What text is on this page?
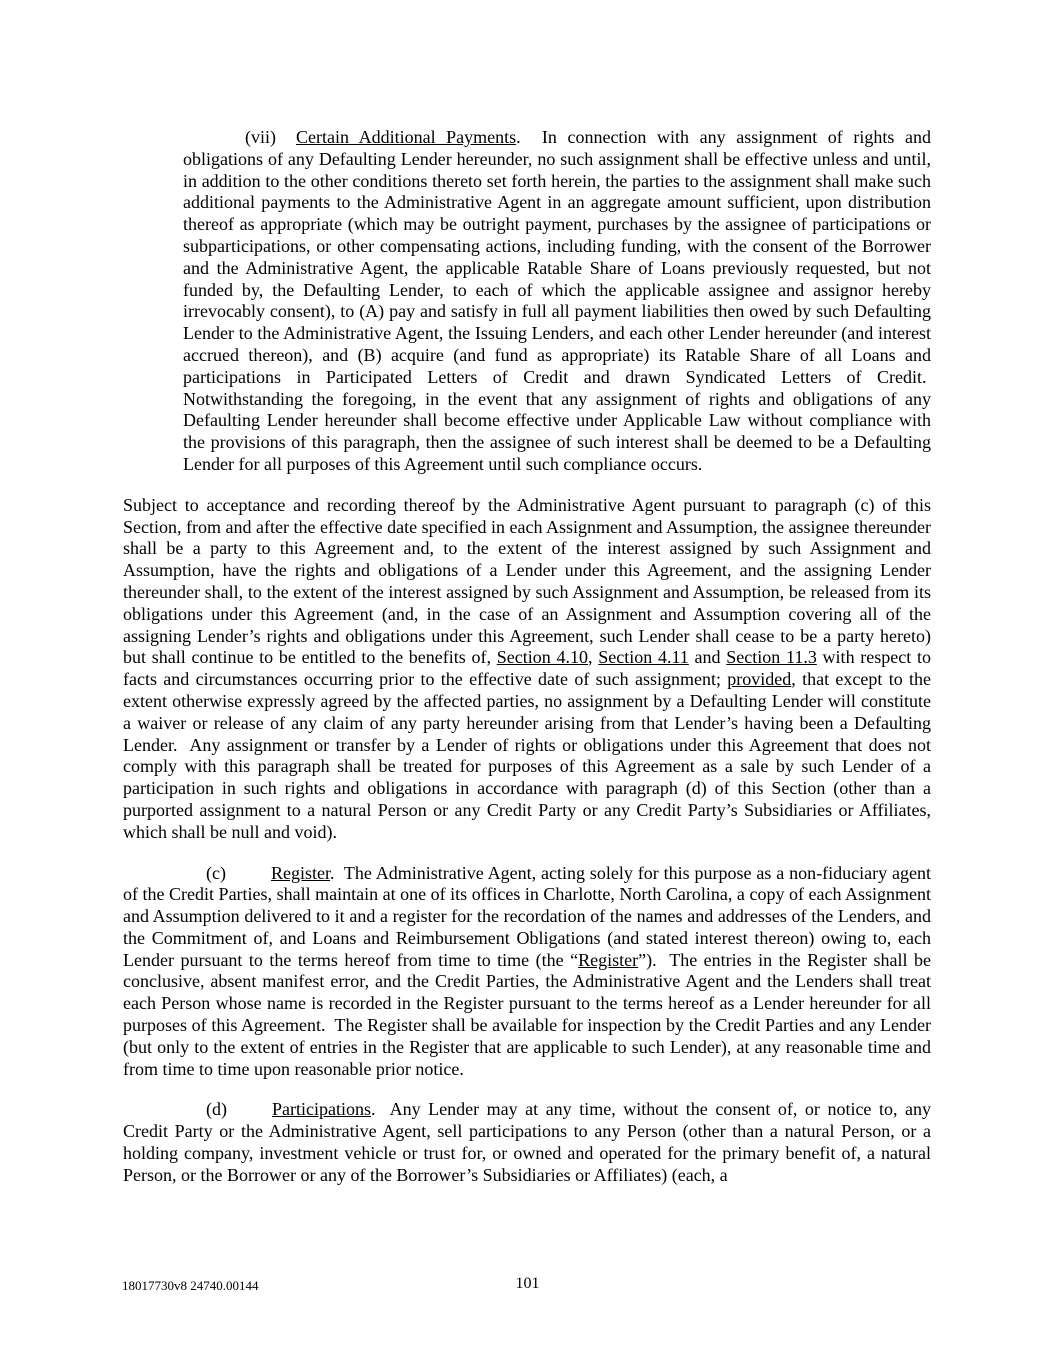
(vii) Certain Additional Payments.  In connection with any assignment of rights and obligations of any Defaulting Lender hereunder, no such assignment shall be effective unless and until, in addition to the other conditions thereto set forth herein, the parties to the assignment shall make such additional payments to the Administrative Agent in an aggregate amount sufficient, upon distribution thereof as appropriate (which may be outright payment, purchases by the assignee of participations or subparticipations, or other compensating actions, including funding, with the consent of the Borrower and the Administrative Agent, the applicable Ratable Share of Loans previously requested, but not funded by, the Defaulting Lender, to each of which the applicable assignee and assignor hereby irrevocably consent), to (A) pay and satisfy in full all payment liabilities then owed by such Defaulting Lender to the Administrative Agent, the Issuing Lenders, and each other Lender hereunder (and interest accrued thereon), and (B) acquire (and fund as appropriate) its Ratable Share of all Loans and participations in Participated Letters of Credit and drawn Syndicated Letters of Credit.  Notwithstanding the foregoing, in the event that any assignment of rights and obligations of any Defaulting Lender hereunder shall become effective under Applicable Law without compliance with the provisions of this paragraph, then the assignee of such interest shall be deemed to be a Defaulting Lender for all purposes of this Agreement until such compliance occurs.

Subject to acceptance and recording thereof by the Administrative Agent pursuant to paragraph (c) of this Section, from and after the effective date specified in each Assignment and Assumption, the assignee thereunder shall be a party to this Agreement and, to the extent of the interest assigned by such Assignment and Assumption, have the rights and obligations of a Lender under this Agreement, and the assigning Lender thereunder shall, to the extent of the interest assigned by such Assignment and Assumption, be released from its obligations under this Agreement (and, in the case of an Assignment and Assumption covering all of the assigning Lender’s rights and obligations under this Agreement, such Lender shall cease to be a party hereto) but shall continue to be entitled to the benefits of, Section 4.10, Section 4.11 and Section 11.3 with respect to facts and circumstances occurring prior to the effective date of such assignment; provided, that except to the extent otherwise expressly agreed by the affected parties, no assignment by a Defaulting Lender will constitute a waiver or release of any claim of any party hereunder arising from that Lender’s having been a Defaulting Lender.  Any assignment or transfer by a Lender of rights or obligations under this Agreement that does not comply with this paragraph shall be treated for purposes of this Agreement as a sale by such Lender of a participation in such rights and obligations in accordance with paragraph (d) of this Section (other than a purported assignment to a natural Person or any Credit Party or any Credit Party’s Subsidiaries or Affiliates, which shall be null and void).

(c)	Register.  The Administrative Agent, acting solely for this purpose as a non-fiduciary agent of the Credit Parties, shall maintain at one of its offices in Charlotte, North Carolina, a copy of each Assignment and Assumption delivered to it and a register for the recordation of the names and addresses of the Lenders, and the Commitment of, and Loans and Reimbursement Obligations (and stated interest thereon) owing to, each Lender pursuant to the terms hereof from time to time (the “Register”).  The entries in the Register shall be conclusive, absent manifest error, and the Credit Parties, the Administrative Agent and the Lenders shall treat each Person whose name is recorded in the Register pursuant to the terms hereof as a Lender hereunder for all purposes of this Agreement.  The Register shall be available for inspection by the Credit Parties and any Lender (but only to the extent of entries in the Register that are applicable to such Lender), at any reasonable time and from time to time upon reasonable prior notice.

(d)	Participations.  Any Lender may at any time, without the consent of, or notice to, any Credit Party or the Administrative Agent, sell participations to any Person (other than a natural Person, or a holding company, investment vehicle or trust for, or owned and operated for the primary benefit of, a natural Person, or the Borrower or any of the Borrower’s Subsidiaries or Affiliates) (each, a

18017730v8 24740.00144	101
